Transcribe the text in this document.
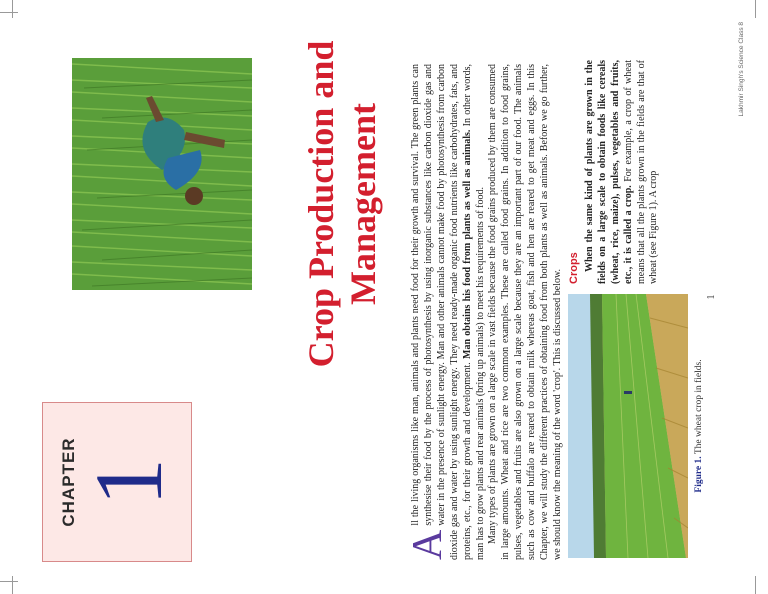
CHAPTER
1
Crop Production and Management

A
ll the living organisms like man, animals and plants need food for their growth and survival. The green plants can synthesise their food by the process of photosynthesis by using inorganic substances like carbon dioxide gas and water in the presence of sunlight energy. Man and other animals cannot make food by photosynthesis from carbon dioxide gas and water by using sunlight energy. They need ready-made organic food nutrients like carbohydrates, fats, and proteins, etc., for their growth and development. Man obtains his food from plants as well as animals. In other words, man has to grow plants and rear animals (bring up animals) to meet his requirements of food. Many types of plants are grown on a large scale in vast fields because the food grains produced by them are consumed in large amounts. Wheat and rice are two common examples. These are called food grains. In addition to food grains, pulses, vegetables and fruits are also grown on a large scale because they are an important part of our food. The animals such as cow and buffalo are reared to obtain milk whereas goat, fish and hen are reared to get meat and eggs. In this Chapter, we will study the different practices of obtaining food from both plants as well as animals. Before we go further, we should know the meaning of the word 'crop'. This is discussed below.	Figure 1. The wheat crop in fields.
Crops When the same kind of plants are grown in the fields on a large scale to obtain foods like cereals (wheat, rice, maize), pulses, vegetables and fruits, etc., it is called a crop. For example, a crop of wheat means that all the plants grown in the fields are that of wheat (see Figure 1). A crop

1
Lakhmir Singh's Science Class 8
